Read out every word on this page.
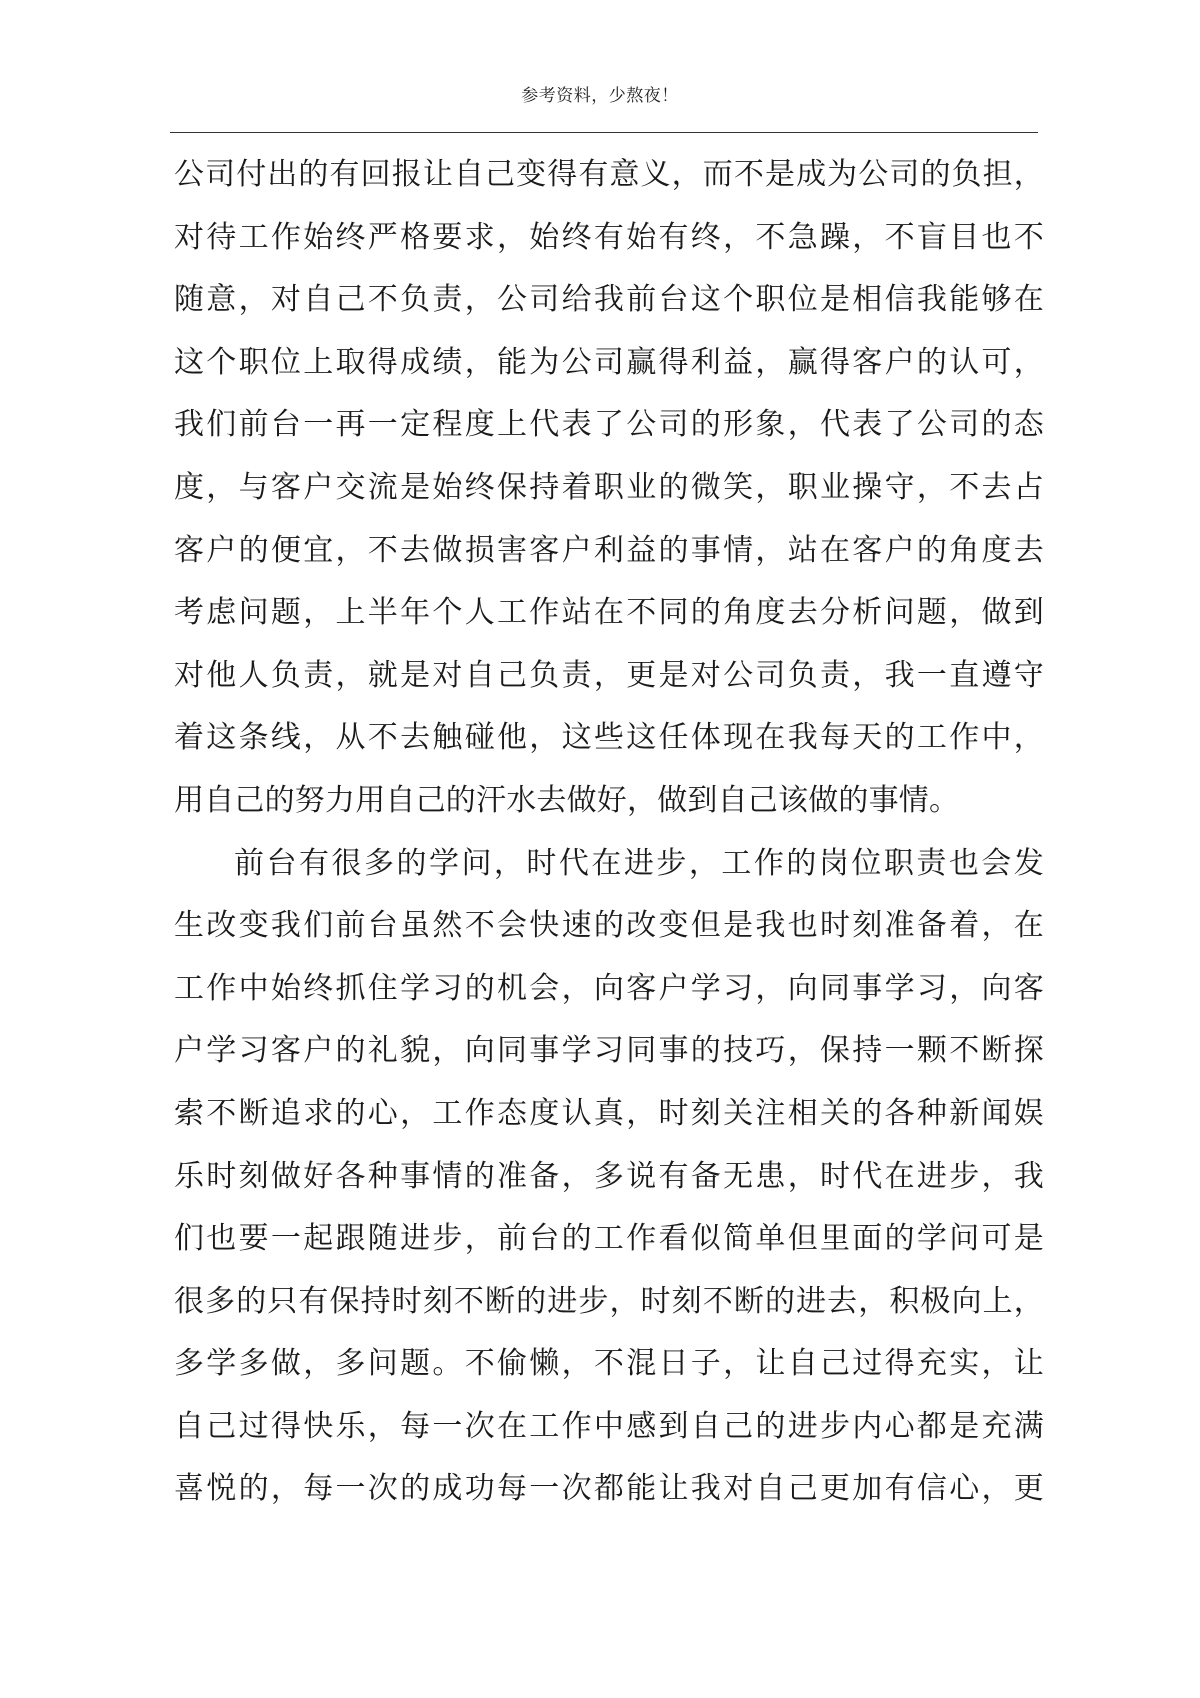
参考资料，少熬夜！
公司付出的有回报让自己变得有意义，而不是成为公司的负担，
对待工作始终严格要求，始终有始有终，不急躁，不盲目也不
随意，对自己不负责，公司给我前台这个职位是相信我能够在
这个职位上取得成绩，能为公司赢得利益，赢得客户的认可，
我们前台一再一定程度上代表了公司的形象，代表了公司的态
度，与客户交流是始终保持着职业的微笑，职业操守，不去占
客户的便宜，不去做损害客户利益的事情，站在客户的角度去
考虑问题，上半年个人工作站在不同的角度去分析问题，做到
对他人负责，就是对自己负责，更是对公司负责，我一直遵守
着这条线，从不去触碰他，这些这任体现在我每天的工作中，
用自己的努力用自己的汗水去做好，做到自己该做的事情。
前台有很多的学问，时代在进步，工作的岗位职责也会发
生改变我们前台虽然不会快速的改变但是我也时刻准备着，在
工作中始终抓住学习的机会，向客户学习，向同事学习，向客
户学习客户的礼貌，向同事学习同事的技巧，保持一颗不断探
索不断追求的心，工作态度认真，时刻关注相关的各种新闻娱
乐时刻做好各种事情的准备，多说有备无患，时代在进步，我
们也要一起跟随进步，前台的工作看似简单但里面的学问可是
很多的只有保持时刻不断的进步，时刻不断的进去，积极向上，
多学多做，多问题。不偷懒，不混日子，让自己过得充实，让
自己过得快乐，每一次在工作中感到自己的进步内心都是充满
喜悦的，每一次的成功每一次都能让我对自己更加有信心，更
